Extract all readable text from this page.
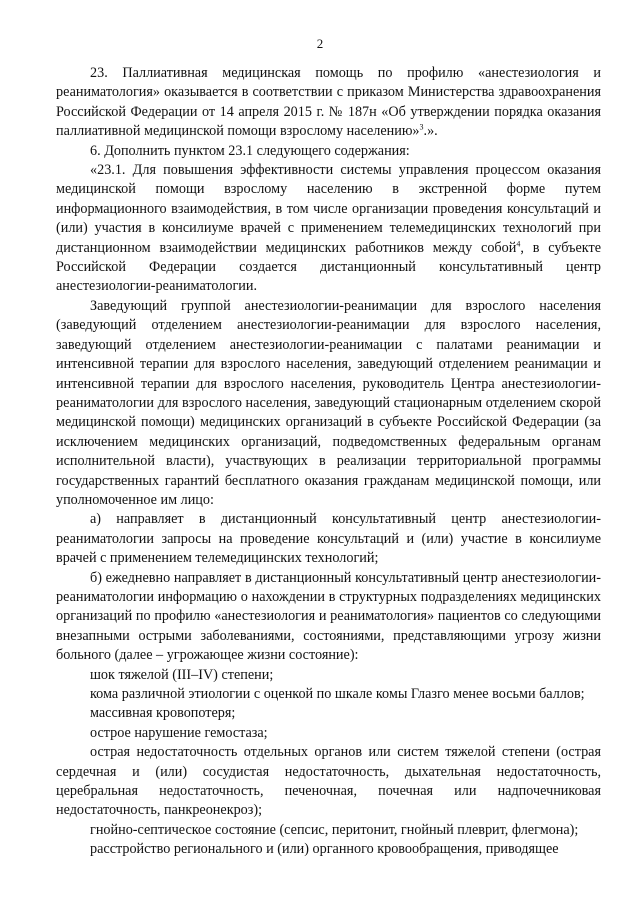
2

23. Паллиативная медицинская помощь по профилю «анестезиология и реаниматология» оказывается в соответствии с приказом Министерства здравоохранения Российской Федерации от 14 апреля 2015 г. № 187н «Об утверждении порядка оказания паллиативной медицинской помощи взрослому населению»$^3$.».

6. Дополнить пунктом 23.1 следующего содержания:

«23.1. Для повышения эффективности системы управления процессом оказания медицинской помощи взрослому населению в экстренной форме путем информационного взаимодействия, в том числе организации проведения консультаций и (или) участия в консилиуме врачей с применением телемедицинских технологий при дистанционном взаимодействии медицинских работников между собой$^4$, в субъекте Российской Федерации создается дистанционный консультативный центр анестезиологии-реаниматологии.

Заведующий группой анестезиологии-реанимации для взрослого населения (заведующий отделением анестезиологии-реанимации для взрослого населения, заведующий отделением анестезиологии-реанимации с палатами реанимации и интенсивной терапии для взрослого населения, заведующий отделением реанимации и интенсивной терапии для взрослого населения, руководитель Центра анестезиологии-реаниматологии для взрослого населения, заведующий стационарным отделением скорой медицинской помощи) медицинских организаций в субъекте Российской Федерации (за исключением медицинских организаций, подведомственных федеральным органам исполнительной власти), участвующих в реализации территориальной программы государственных гарантий бесплатного оказания гражданам медицинской помощи, или уполномоченное им лицо:

а) направляет в дистанционный консультативный центр анестезиологии-реаниматологии запросы на проведение консультаций и (или) участие в консилиуме врачей с применением телемедицинских технологий;

б) ежедневно направляет в дистанционный консультативный центр анестезиологии-реаниматологии информацию о нахождении в структурных подразделениях медицинских организаций по профилю «анестезиология и реаниматология» пациентов со следующими внезапными острыми заболеваниями, состояниями, представляющими угрозу жизни больного (далее – угрожающее жизни состояние):

шок тяжелой (III–IV) степени;

кома различной этиологии с оценкой по шкале комы Глазго менее восьми баллов;

массивная кровопотеря;

острое нарушение гемостаза;

острая недостаточность отдельных органов или систем тяжелой степени (острая сердечная и (или) сосудистая недостаточность, дыхательная недостаточность, церебральная недостаточность, печеночная, почечная или надпочечниковая недостаточность, панкреонекроз);

гнойно-септическое состояние (сепсис, перитонит, гнойный плеврит, флегмона);

расстройство регионального и (или) органного кровообращения, приводящее
